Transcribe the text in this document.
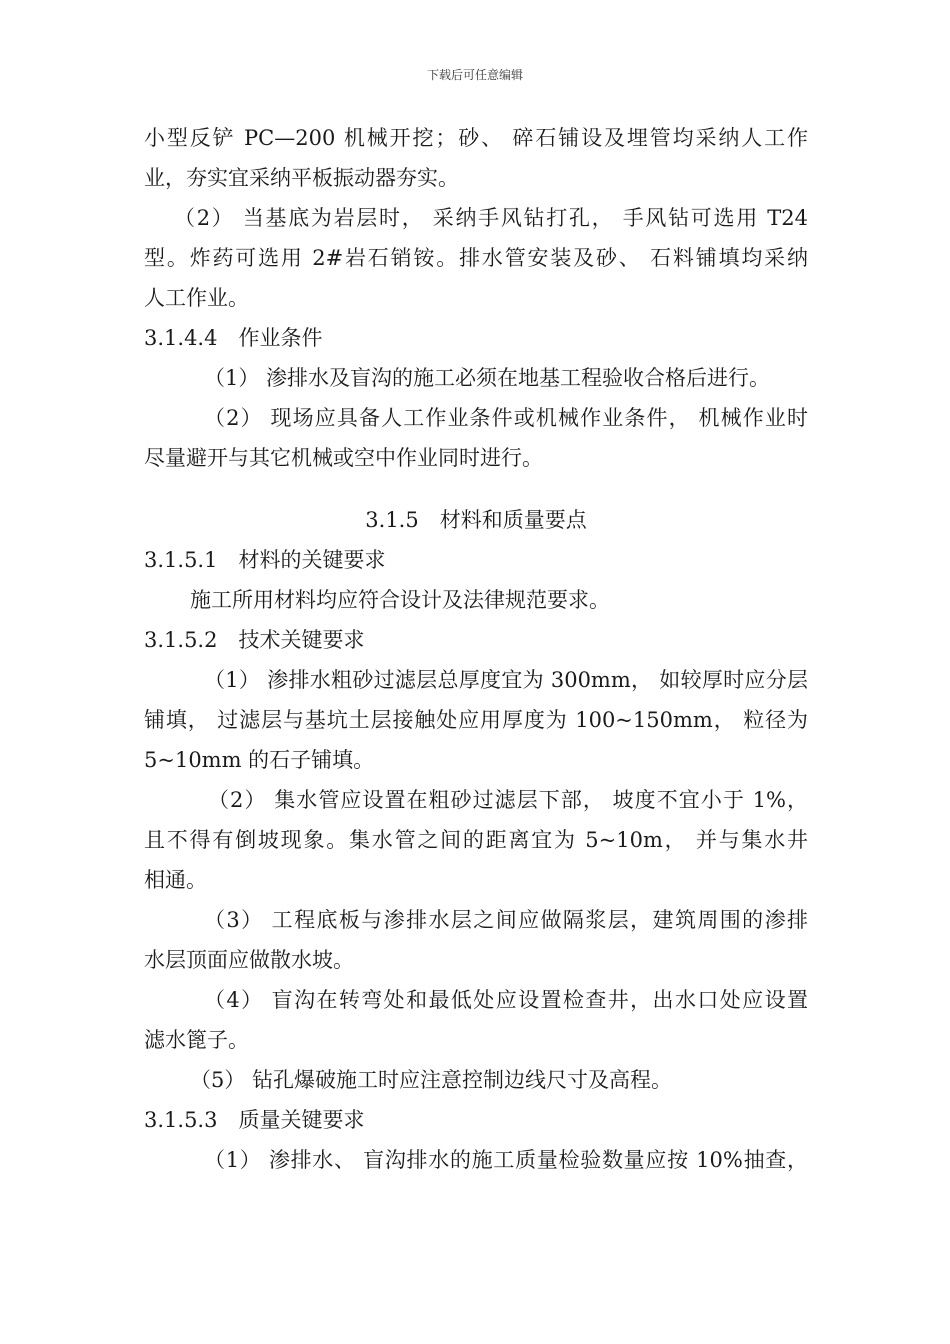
下载后可任意编辑
小型反铲 PC—200 机械开挖；砂、 碎石铺设及埋管均采纳人工作
业，夯实宜采纳平板振动器夯实。
（2） 当基底为岩层时， 采纳手风钻打孔， 手风钻可选用 T24
型。炸药可选用 2#岩石销铵。排水管安装及砂、 石料铺填均采纳
人工作业。
3.1.4.4　作业条件
（1） 渗排水及盲沟的施工必须在地基工程验收合格后进行。
（2） 现场应具备人工作业条件或机械作业条件， 机械作业时
尽量避开与其它机械或空中作业同时进行。
3.1.5　材料和质量要点
3.1.5.1　材料的关键要求
施工所用材料均应符合设计及法律规范要求。
3.1.5.2　技术关键要求
（1） 渗排水粗砂过滤层总厚度宜为 300mm， 如较厚时应分层
铺填， 过滤层与基坑土层接触处应用厚度为 100~150mm， 粒径为
5~10mm 的石子铺填。
（2） 集水管应设置在粗砂过滤层下部， 坡度不宜小于 1%，
且不得有倒坡现象。集水管之间的距离宜为 5~10m， 并与集水井
相通。
（3） 工程底板与渗排水层之间应做隔浆层，建筑周围的渗排
水层顶面应做散水坡。
（4） 盲沟在转弯处和最低处应设置检查井，出水口处应设置
滤水篦子。
（5） 钻孔爆破施工时应注意控制边线尺寸及高程。
3.1.5.3　质量关键要求
（1） 渗排水、 盲沟排水的施工质量检验数量应按 10%抽查，
